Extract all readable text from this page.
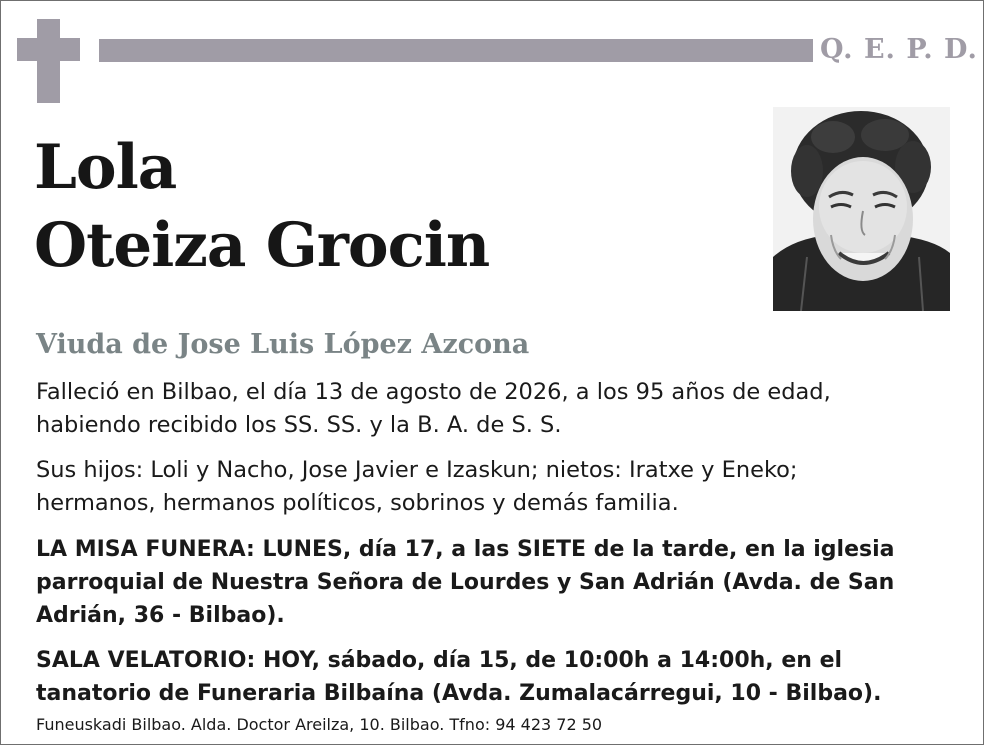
Q. E. P. D.
Lola
Oteiza Grocin
Viuda de Jose Luis López Azcona

Falleció en Bilbao, el día 13 de agosto de 2026, a los 95 años de edad,
habiendo recibido los SS. SS. y la B. A. de S. S.

Sus hijos: Loli y Nacho, Jose Javier e Izaskun; nietos: Iratxe y Eneko;
hermanos, hermanos políticos, sobrinos y demás familia.

LA MISA FUNERA: LUNES, día 17, a las SIETE de la tarde, en la iglesia
parroquial de Nuestra Señora de Lourdes y San Adrián (Avda. de San
Adrián, 36 - Bilbao).

SALA VELATORIO: HOY, sábado, día 15, de 10:00h a 14:00h, en el
tanatorio de Funeraria Bilbaína (Avda. Zumalacárregui, 10 - Bilbao).

Funeuskadi Bilbao. Alda. Doctor Areilza, 10. Bilbao. Tfno: 94 423 72 50
